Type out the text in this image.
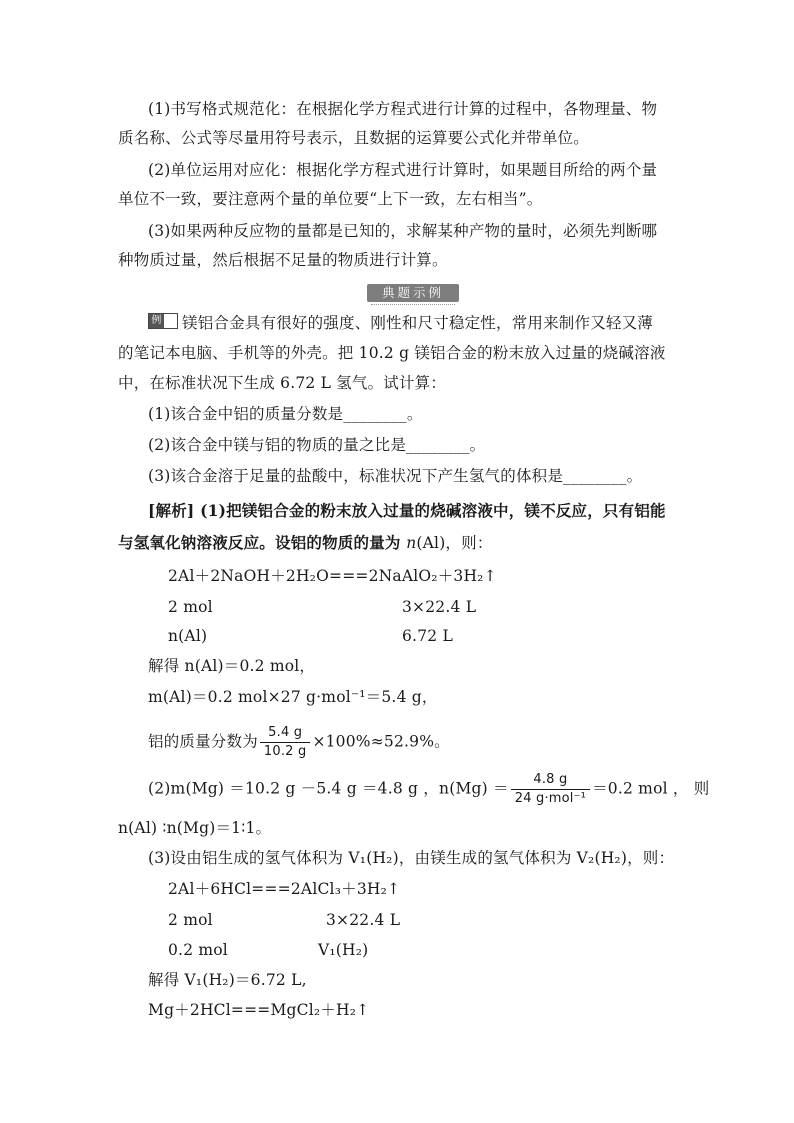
(1)书写格式规范化：在根据化学方程式进行计算的过程中，各物理量、物
质名称、公式等尽量用符号表示，且数据的运算要公式化并带单位。
(2)单位运用对应化：根据化学方程式进行计算时，如果题目所给的两个量
单位不一致，要注意两个量的单位要“上下一致，左右相当”。
(3)如果两种反应物的量都是已知的，求解某种产物的量时，必须先判断哪
种物质过量，然后根据不足量的物质进行计算。
典题示例
例 镁铝合金具有很好的强度、刚性和尺寸稳定性，常用来制作又轻又薄
的笔记本电脑、手机等的外壳。把 10.2 g 镁铝合金的粉末放入过量的烧碱溶液
中，在标准状况下生成 6.72 L 氢气。试计算：
(1)该合金中铝的质量分数是________。
(2)该合金中镁与铝的物质的量之比是________。
(3)该合金溶于足量的盐酸中，标准状况下产生氢气的体积是________。
[解析] (1)把镁铝合金的粉末放入过量的烧碱溶液中，镁不反应，只有铝能
与氢氧化钠溶液反应。设铝的物质的量为 n(Al)，则：
2Al＋2NaOH＋2H₂O===2NaAlO₂＋3H₂↑
2 mol	3×22.4 L
n(Al)	6.72 L
解得 n(Al)＝0.2 mol，
m(Al)＝0.2 mol×27 g·mol⁻¹＝5.4 g，
铝的质量分数为 $\frac{5.4 g}{10.2 g} \times 100\%\approx 52.9\%$。
(2)m(Mg) ＝10.2 g －5.4 g ＝4.8 g ，$n(Mg) = \frac{4.8 g}{\text{24 g·mol⁻¹}} =0.2$ mol ， 则
n(Al) ∶n(Mg)＝1∶1。
(3)设由铝生成的氢气体积为 V₁(H₂)，由镁生成的氢气体积为 V₂(H₂)，则：
2Al＋6HCl===2AlCl₃＋3H₂↑
2 mol	3×22.4 L
0.2 mol	V₁(H₂)
解得 V₁(H₂)＝6.72 L,
Mg＋2HCl===MgCl₂＋H₂↑
